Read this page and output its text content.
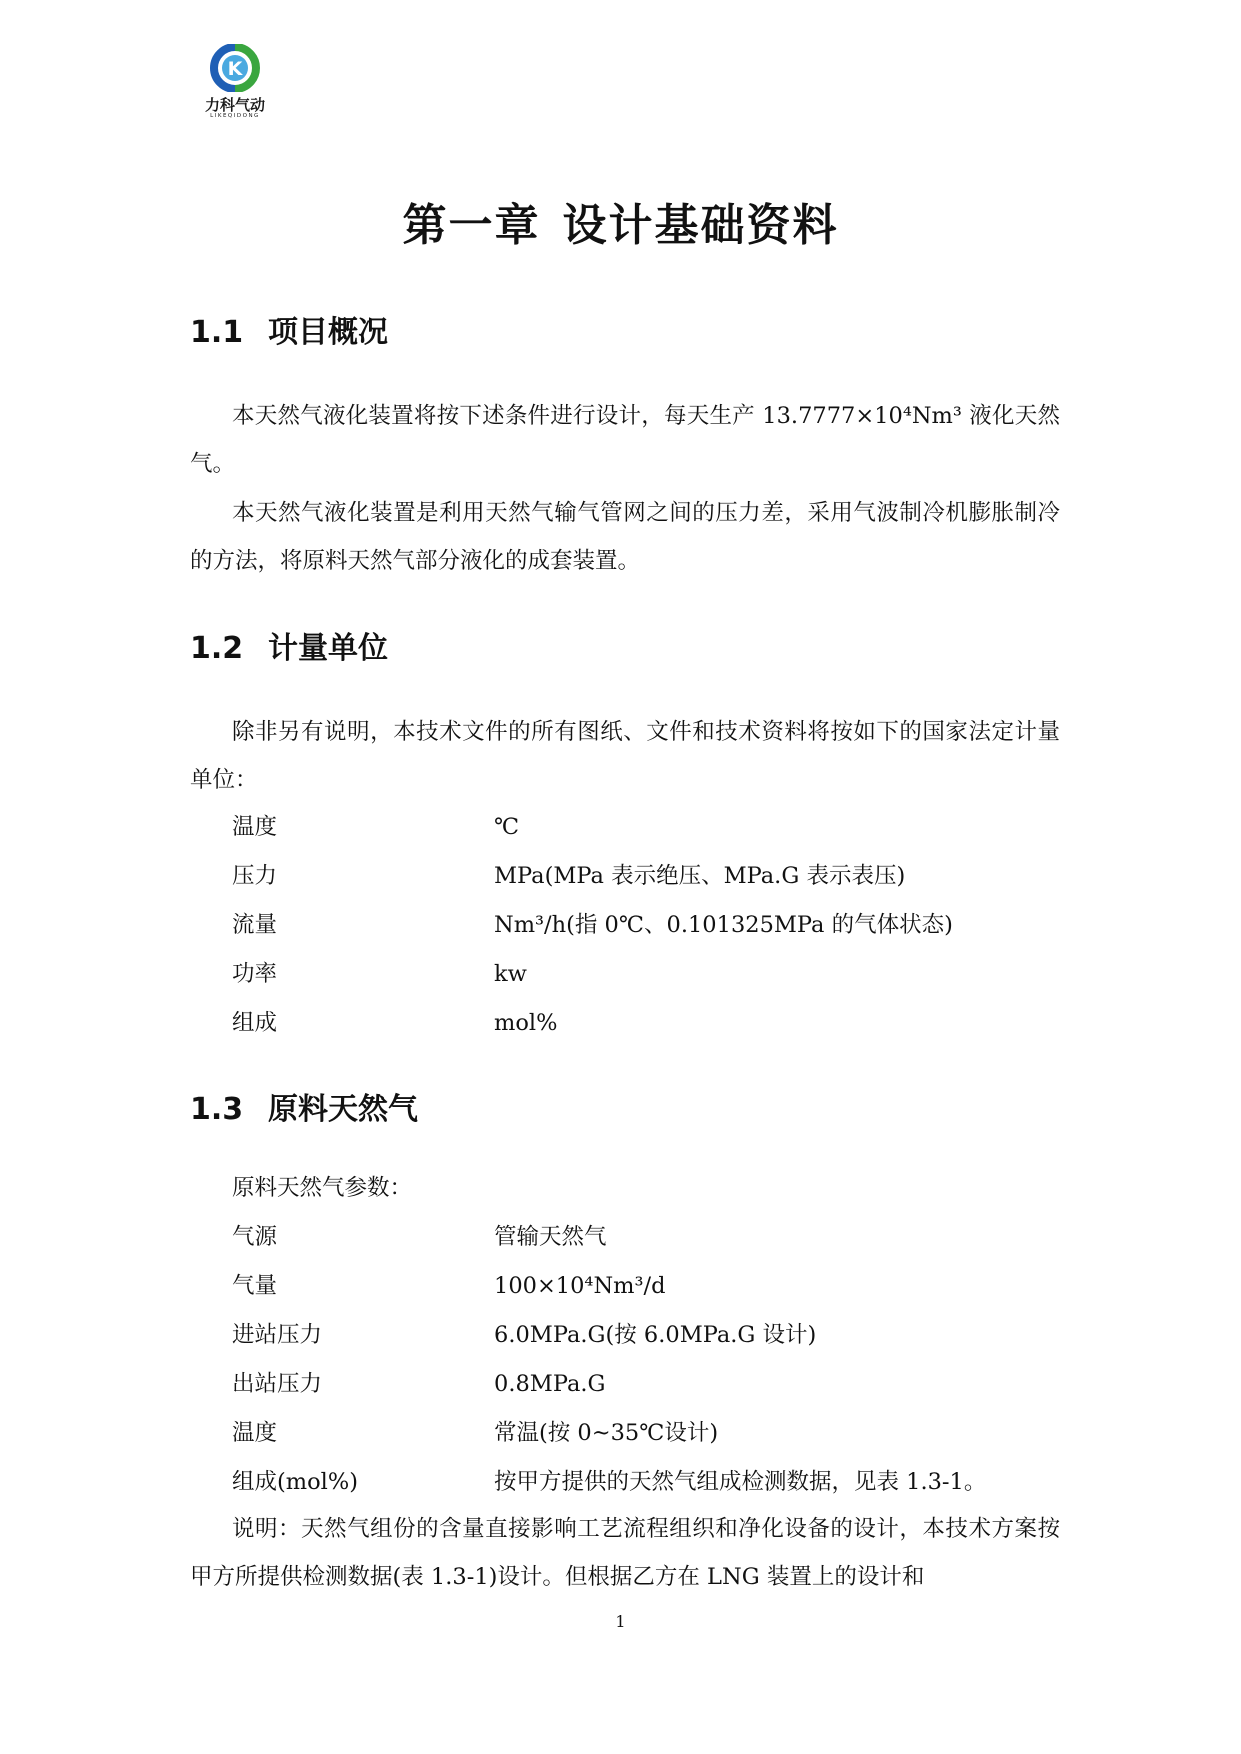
K
力科气动
LIKEQIDONG
第一章 设计基础资料
1.1 项目概况

本天然气液化装置将按下述条件进行设计，每天生产 13.7777×10⁴Nm³ 液化天然气。

本天然气液化装置是利用天然气输气管网之间的压力差，采用气波制冷机膨胀制冷的方法，将原料天然气部分液化的成套装置。

1.2 计量单位

除非另有说明，本技术文件的所有图纸、文件和技术资料将按如下的国家法定计量单位：

温度	℃
压力	MPa(MPa 表示绝压、MPa.G 表示表压)
流量	Nm³/h(指 0℃、0.101325MPa 的气体状态)
功率	kw
组成	mol%
1.3 原料天然气
原料天然气参数：
气源	管输天然气
气量	100×10⁴Nm³/d
进站压力	6.0MPa.G(按 6.0MPa.G 设计)
出站压力	0.8MPa.G
温度	常温(按 0~35℃设计)
组成(mol%)	按甲方提供的天然气组成检测数据，见表 1.3-1。

说明：天然气组份的含量直接影响工艺流程组织和净化设备的设计，本技术方案按甲方所提供检测数据(表 1.3-1)设计。但根据乙方在 LNG 装置上的设计和

1
